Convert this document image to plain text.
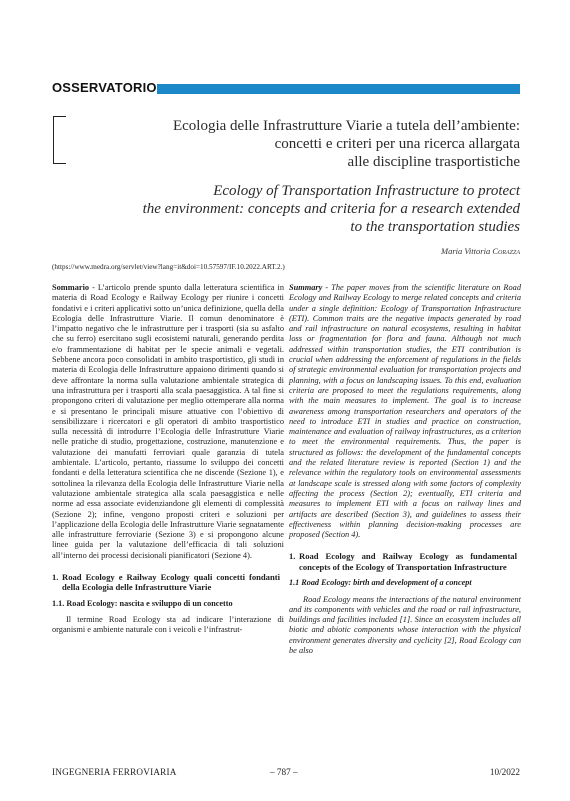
OSSERVATORIO
Ecologia delle Infrastrutture Viarie a tutela dell’ambiente:
concetti e criteri per una ricerca allargata
alle discipline trasportistiche
Ecology of Transportation Infrastructure to protect
the environment: concepts and criteria for a research extended
to the transportation studies
Maria Vittoria Corazza
(https://www.medra.org/servlet/view?lang=it&doi=10.57597/IF.10.2022.ART.2.)

Sommario - L’articolo prende spunto dalla letteratura scientifica in materia di Road Ecology e Railway Ecology per riunire i concetti fondativi e i criteri applicativi sotto un’unica definizione, quella della Ecologia delle Infrastrutture Viarie. Il comun denominatore è l’impatto negativo che le infrastrutture per i trasporti (sia su asfalto che su ferro) esercitano sugli ecosistemi naturali, generando perdita e/o frammentazione di habitat per le specie animali e vegetali. Sebbene ancora poco consolidati in ambito trasportistico, gli studi in materia di Ecologia delle Infrastrutture appaiono dirimenti quando si deve affrontare la norma sulla valutazione ambientale strategica di una infrastruttura per i trasporti alla scala paesaggistica. A tal fine si propongono criteri di valutazione per meglio ottemperare alla norma e si presentano le principali misure attuative con l’obiettivo di sensibilizzare i ricercatori e gli operatori di ambito trasportistico sulla necessità di introdurre l’Ecologia delle Infrastrutture Viarie nelle pratiche di studio, progettazione, costruzione, manutenzione e valutazione dei manufatti ferroviari quale garanzia di tutela ambientale. L’articolo, pertanto, riassume lo sviluppo dei concetti fondanti e della letteratura scientifica che ne discende (Sezione 1), e sottolinea la rilevanza della Ecologia delle Infrastrutture Viarie nella valutazione ambientale strategica alla scala paesaggistica e nelle norme ad essa associate evidenziandone gli elementi di complessità (Sezione 2); infine, vengono proposti criteri e soluzioni per l’applicazione della Ecologia delle Infrastrutture Viarie segnatamente alle infrastrutture ferroviarie (Sezione 3) e si propongono alcune linee guida per la valutazione dell’efficacia di tali soluzioni all’interno dei processi decisionali pianificatori (Sezione 4).

1. Road Ecology e Railway Ecology quali concetti fondanti della Ecologia delle Infrastrutture Viarie
1.1. Road Ecology: nascita e sviluppo di un concetto

Il termine Road Ecology sta ad indicare l’interazione di organismi e ambiente naturale con i veicoli e l’infrastrut-

Summary - The paper moves from the scientific literature on Road Ecology and Railway Ecology to merge related concepts and criteria under a single definition: Ecology of Transportation Infrastructure (ETI). Common traits are the negative impacts generated by road and rail infrastructure on natural ecosystems, resulting in habitat loss or fragmentation for flora and fauna. Although not much addressed within transportation studies, the ETI contribution is crucial when addressing the enforcement of regulations in the fields of strategic environmental evaluation for transportation projects and planning, with a focus on landscaping issues. To this end, evaluation criteria are proposed to meet the regulations requirements, along with the main measures to implement. The goal is to increase awareness among transportation researchers and operators of the need to introduce ETI in studies and practice on construction, maintenance and evaluation of railway infrastructures, as a criterion to meet the environmental requirements. Thus, the paper is structured as follows: the development of the fundamental concepts and the related literature review is reported (Section 1) and the relevance within the regulatory tools on environmental assessments at landscape scale is stressed along with some factors of complexity affecting the process (Section 2); eventually, ETI criteria and measures to implement ETI with a focus on railway lines and artifacts are described (Section 3), and guidelines to assess their effectiveness within planning decision-making processes are proposed (Section 4).

1. Road Ecology and Railway Ecology as fundamental concepts of the Ecology of Transportation Infrastructure
1.1 Road Ecology: birth and development of a concept

Road Ecology means the interactions of the natural environment and its components with vehicles and the road or rail infrastructure, buildings and facilities included [1]. Since an ecosystem includes all biotic and abiotic components whose interaction with the physical environment generates diversity and cyclicity [2], Road Ecology can be also

INGEGNERIA FERROVIARIA	– 787 –	10/2022
